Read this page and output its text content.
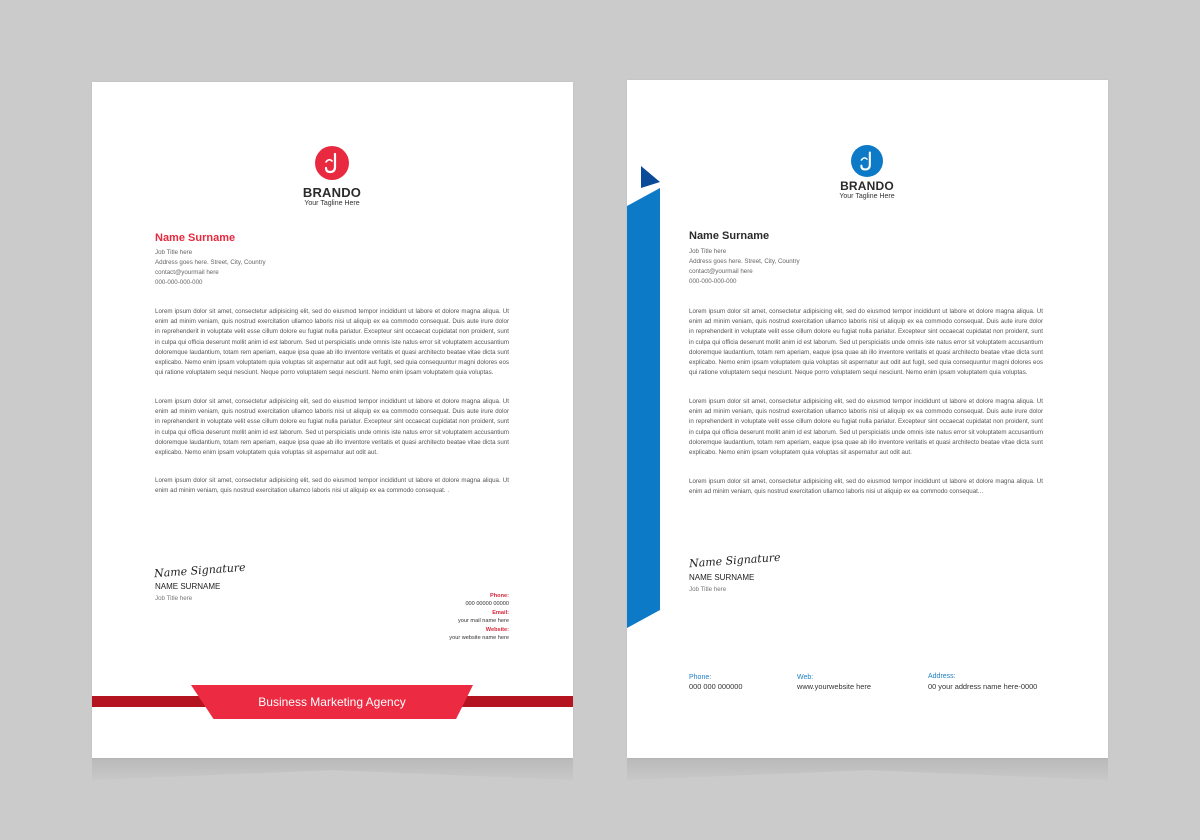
BRANDO
Your Tagline Here
Name Surname
Job Title here
Address goes here. Street, City, Country
contact@yourmail here
000-000-000-000
Lorem ipsum dolor sit amet, consectetur adipisicing elit, sed do eiusmod tempor incididunt ut labore et dolore magna aliqua. Ut enim ad minim veniam, quis nostrud exercitation ullamco laboris nisi ut aliquip ex ea commodo consequat. Duis aute irure dolor in reprehenderit in voluptate velit esse cillum dolore eu fugiat nulla pariatur. Excepteur sint occaecat cupidatat non proident, sunt in culpa qui officia deserunt mollit anim id est laborum. Sed ut perspiciatis unde omnis iste natus error sit voluptatem accusantium doloremque laudantium, totam rem aperiam, eaque ipsa quae ab illo inventore veritatis et quasi architecto beatae vitae dicta sunt explicabo. Nemo enim ipsam voluptatem quia voluptas sit aspernatur aut odit aut fugit, sed quia consequuntur magni dolores eos qui ratione voluptatem sequi nesciunt. Neque porro voluptatem sequi nesciunt. Nemo enim ipsam voluptatem quia voluptas.
Lorem ipsum dolor sit amet, consectetur adipisicing elit, sed do eiusmod tempor incididunt ut labore et dolore magna aliqua. Ut enim ad minim veniam, quis nostrud exercitation ullamco laboris nisi ut aliquip ex ea commodo consequat. Duis aute irure dolor in reprehenderit in voluptate velit esse cillum dolore eu fugiat nulla pariatur. Excepteur sint occaecat cupidatat non proident, sunt in culpa qui officia deserunt mollit anim id est laborum. Sed ut perspiciatis unde omnis iste natus error sit voluptatem accusantium doloremque laudantium, totam rem aperiam, eaque ipsa quae ab illo inventore veritatis et quasi architecto beatae vitae dicta sunt explicabo. Nemo enim ipsam voluptatem quia voluptas sit aspernatur aut odit aut.
Lorem ipsum dolor sit amet, consectetur adipisicing elit, sed do eiusmod tempor incididunt ut labore et dolore magna aliqua. Ut enim ad minim veniam, quis nostrud exercitation ullamco laboris nisi ut aliquip ex ea commodo consequat. .
Name Signature
NAME SURNAME
Job Title here	Phone:
000 00000 00000
Email:
your mail name here
Website:
your website name here
Business Marketing Agency
BRANDO
Your Tagline Here
Name Surname
Job Title here
Address goes here. Street, City, Country
contact@yourmail here
000-000-000-000
Lorem ipsum dolor sit amet, consectetur adipisicing elit, sed do eiusmod tempor incididunt ut labore et dolore magna aliqua. Ut enim ad minim veniam, quis nostrud exercitation ullamco laboris nisi ut aliquip ex ea commodo consequat. Duis aute irure dolor in reprehenderit in voluptate velit esse cillum dolore eu fugiat nulla pariatur. Excepteur sint occaecat cupidatat non proident, sunt in culpa qui officia deserunt mollit anim id est laborum. Sed ut perspiciatis unde omnis iste natus error sit voluptatem accusantium doloremque laudantium, totam rem aperiam, eaque ipsa quae ab illo inventore veritatis et quasi architecto beatae vitae dicta sunt explicabo. Nemo enim ipsam voluptatem quia voluptas sit aspernatur aut odit aut fugit, sed quia consequuntur magni dolores eos qui ratione voluptatem sequi nesciunt. Neque porro voluptatem sequi nesciunt. Nemo enim ipsam voluptatem quia voluptas.
Lorem ipsum dolor sit amet, consectetur adipisicing elit, sed do eiusmod tempor incididunt ut labore et dolore magna aliqua. Ut enim ad minim veniam, quis nostrud exercitation ullamco laboris nisi ut aliquip ex ea commodo consequat. Duis aute irure dolor in reprehenderit in voluptate velit esse cillum dolore eu fugiat nulla pariatur. Excepteur sint occaecat cupidatat non proident, sunt in culpa qui officia deserunt mollit anim id est laborum. Sed ut perspiciatis unde omnis iste natus error sit voluptatem accusantium doloremque laudantium, totam rem aperiam, eaque ipsa quae ab illo inventore veritatis et quasi architecto beatae vitae dicta sunt explicabo. Nemo enim ipsam voluptatem quia voluptas sit aspernatur aut odit aut.
Lorem ipsum dolor sit amet, consectetur adipisicing elit, sed do eiusmod tempor incididunt ut labore et dolore magna aliqua. Ut enim ad minim veniam, quis nostrud exercitation ullamco laboris nisi ut aliquip ex ea commodo consequat...
Name Signature
NAME SURNAME
Job Title here
Phone:
000 000 000000
Web:
www.yourwebsite here
Address:
00 your address name here-0000
